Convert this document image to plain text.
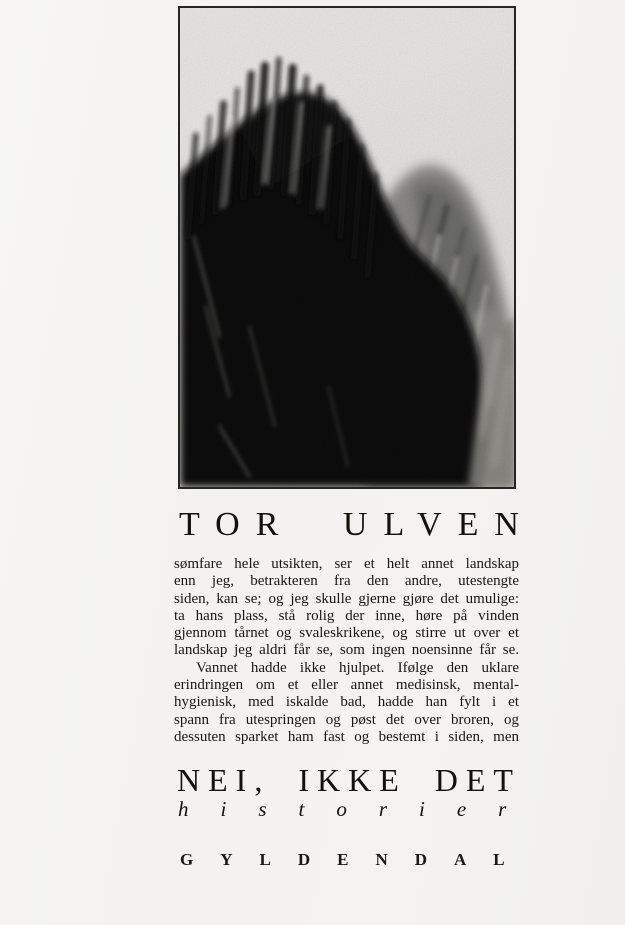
TOR ULVEN
sømfare hele utsikten, ser et helt annet landskap
enn jeg, betrakteren fra den andre, utestengte
siden, kan se; og jeg skulle gjerne gjøre det umulige:
ta hans plass, stå rolig der inne, høre på vinden
gjennom tårnet og svaleskrikene, og stirre ut over et
landskap jeg aldri får se, som ingen noensinne får se.
Vannet hadde ikke hjulpet. Ifølge den uklare
erindringen om et eller annet medisinsk, mental-
hygienisk, med iskalde bad, hadde han fylt i et
spann fra utespringen og pøst det over broren, og
dessuten sparket ham fast og bestemt i siden, men
NEI, IKKE DET
historier
GYLDENDAL
